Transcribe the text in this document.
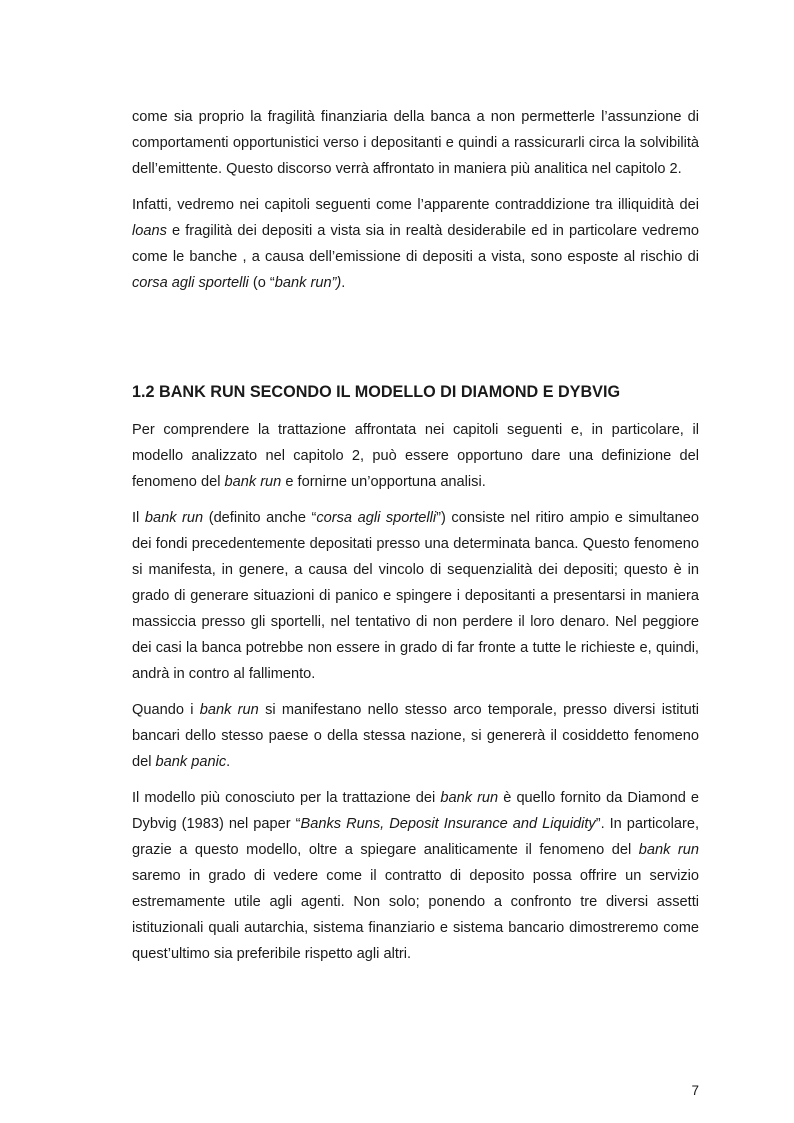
come sia proprio la fragilità finanziaria della banca a non permetterle l’assunzione di comportamenti opportunistici verso i depositanti e quindi a rassicurarli circa la solvibilità dell’emittente. Questo discorso verrà affrontato in maniera più analitica nel capitolo 2.

Infatti, vedremo nei capitoli seguenti come l’apparente contraddizione tra illiquidità dei loans e fragilità dei depositi a vista sia in realtà desiderabile ed in particolare vedremo come le banche , a causa dell’emissione di depositi a vista, sono esposte al rischio di corsa agli sportelli (o “bank run”).

1.2 BANK RUN SECONDO IL MODELLO DI DIAMOND E DYBVIG

Per comprendere la trattazione affrontata nei capitoli seguenti e, in particolare, il modello analizzato nel capitolo 2, può essere opportuno dare una definizione del fenomeno del bank run e fornirne un’opportuna analisi.

Il bank run (definito anche “corsa agli sportelli”) consiste nel ritiro ampio e simultaneo dei fondi precedentemente depositati presso una determinata banca. Questo fenomeno si manifesta, in genere, a causa del vincolo di sequenzialità dei depositi; questo è in grado di generare situazioni di panico e spingere i depositanti a presentarsi in maniera massiccia presso gli sportelli, nel tentativo di non perdere il loro denaro. Nel peggiore dei casi la banca potrebbe non essere in grado di far fronte a tutte le richieste e, quindi, andrà in contro al fallimento.

Quando i bank run si manifestano nello stesso arco temporale, presso diversi istituti bancari dello stesso paese o della stessa nazione, si genererà il cosiddetto fenomeno del bank panic.

Il modello più conosciuto per la trattazione dei bank run è quello fornito da Diamond e Dybvig (1983) nel paper “Banks Runs, Deposit Insurance and Liquidity”. In particolare, grazie a questo modello, oltre a spiegare analiticamente il fenomeno del bank run saremo in grado di vedere come il contratto di deposito possa offrire un servizio estremamente utile agli agenti. Non solo; ponendo a confronto tre diversi assetti istituzionali quali autarchia, sistema finanziario e sistema bancario dimostreremo come quest’ultimo sia preferibile rispetto agli altri.

7
